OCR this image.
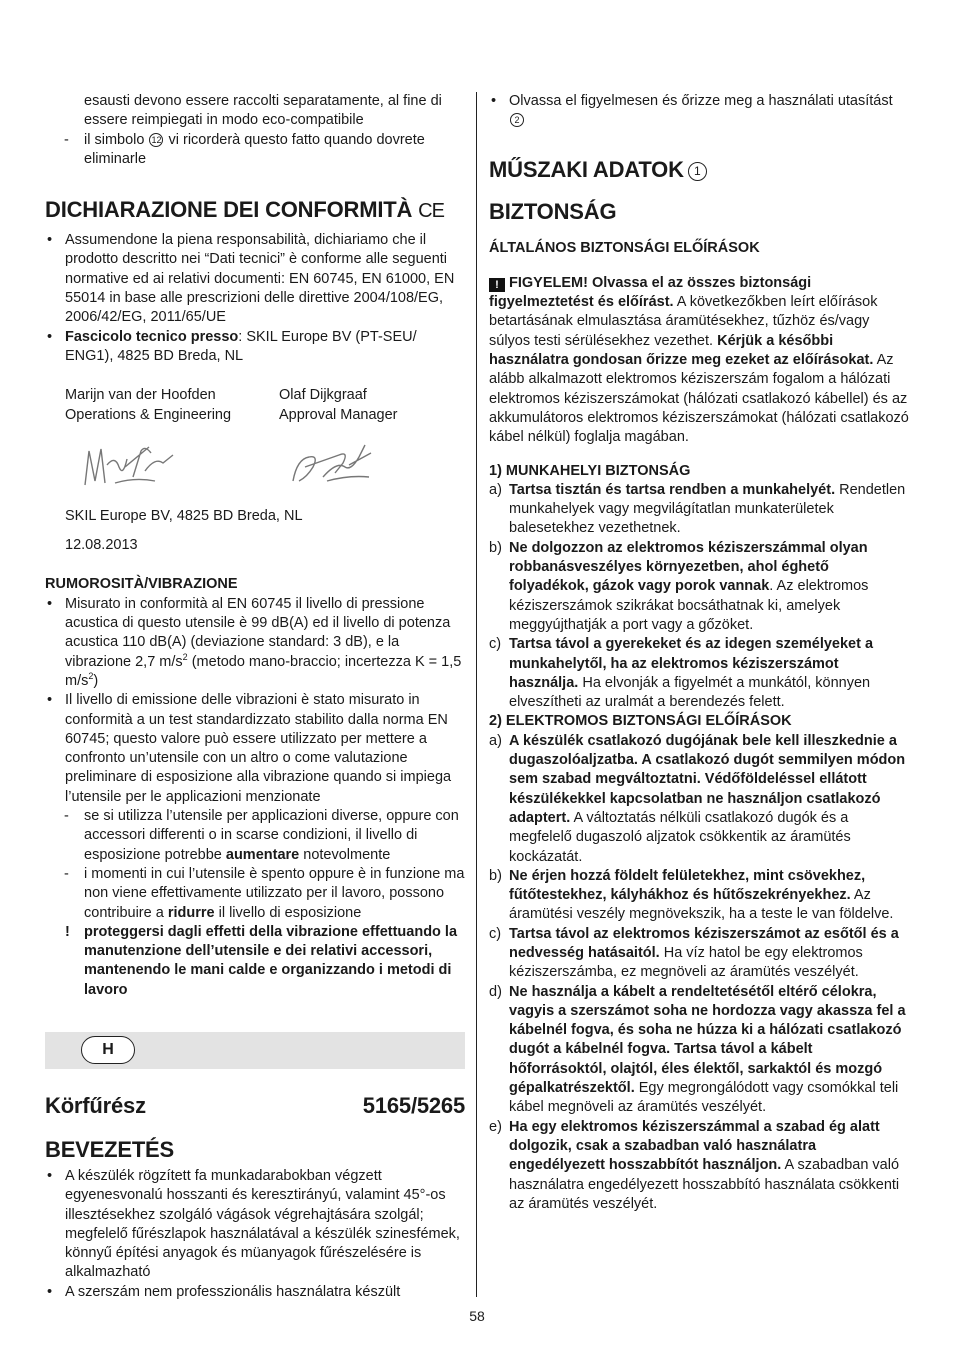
esausti devono essere raccolti separatamente, al fine di essere reimpiegati in modo eco-compatibile

- il simbolo 12 vi ricorderà questo fatto quando dovrete eliminarle

DICHIARAZIONE DEI CONFORMITÀ CE

• Assumendone la piena responsabilità, dichiariamo che il prodotto descritto nei “Dati tecnici” è conforme alle seguenti normative ed ai relativi documenti: EN 60745, EN 61000, EN 55014 in base alle prescrizioni delle direttive 2004/108/EG, 2006/42/EG, 2011/65/UE

• Fascicolo tecnico presso: SKIL Europe BV (PT-SEU/ ENG1), 4825 BD Breda, NL

Marijn van der Hoofden

Operations & Engineering

Olaf Dijkgraaf

Approval Manager

SKIL Europe BV, 4825 BD Breda, NL

12.08.2013

RUMOROSITÀ/VIBRAZIONE

• Misurato in conformità al EN 60745 il livello di pressione acustica di questo utensile è 99 dB(A) ed il livello di potenza acustica 110 dB(A) (deviazione standard: 3 dB), e la vibrazione 2,7 $m/s^2$ (metodo mano-braccio; incertezza K = 1,5 $m/s^2$)

• Il livello di emissione delle vibrazioni è stato misurato in conformità a un test standardizzato stabilito dalla norma EN 60745; questo valore può essere utilizzato per mettere a confronto un’utensile con un altro o come valutazione preliminare di esposizione alla vibrazione quando si impiega l’utensile per le applicazioni menzionate

- se si utilizza l’utensile per applicazioni diverse, oppure con accessori differenti o in scarse condizioni, il livello di esposizione potrebbe aumentare notevolmente

- i momenti in cui l’utensile è spento oppure è in funzione ma non viene effettivamente utilizzato per il lavoro, possono contribuire a ridurre il livello di esposizione

! proteggersi dagli effetti della vibrazione effettuando la manutenzione dell’utensile e dei relativi accessori, mantenendo le mani calde e organizzando i metodi di lavoro

H
Körfűrész	5165/5265
BEVEZETÉS

• A készülék rögzített fa munkadarabokban végzett egyenesvonalú hosszanti és keresztirányú, valamint 45°-os illesztésekhez szolgáló vágások végrehajtására szolgál; megfelelő fűrészlapok használatával a készülék szinesfémek, könnyű építési anyagok és müanyagok fűrészelésére is alkalmazható

• A szerszám nem professzionális használatra készült

• Olvassa el figyelmesen és őrizze meg a használati utasítást 2

MŰSZAKI ADATOK 1
BIZTONSÁG
ÁLTALÁNOS BIZTONSÁGI ELŐÍRÁSOK

! FIGYELEM! Olvassa el az összes biztonsági figyelmeztetést és előírást. A következőkben leírt előírások betartásának elmulasztása áramütésekhez, tűzhöz és/vagy súlyos testi sérülésekhez vezethet. Kérjük a későbbi használatra gondosan őrizze meg ezeket az előírásokat. Az alább alkalmazott elektromos kéziszerszám fogalom a hálózati elektromos kéziszerszámokat (hálózati csatlakozó kábellel) és az akkumulátoros elektromos kéziszerszámokat (hálózati csatlakozó kábel nélkül) foglalja magában.

1) MUNKAHELYI BIZTONSÁG

a) Tartsa tisztán és tartsa rendben a munkahelyét. Rendetlen munkahelyek vagy megvilágítatlan munkaterületek balesetekhez vezethetnek.

b) Ne dolgozzon az elektromos kéziszerszámmal olyan robbanásveszélyes környezetben, ahol éghető folyadékok, gázok vagy porok vannak. Az elektromos kéziszerszámok szikrákat bocsáthatnak ki, amelyek meggyújthatják a port vagy a gőzöket.

c) Tartsa távol a gyerekeket és az idegen személyeket a munkahelytől, ha az elektromos kéziszerszámot használja. Ha elvonják a figyelmét a munkától, könnyen elveszítheti az uralmát a berendezés felett.

2) ELEKTROMOS BIZTONSÁGI ELŐÍRÁSOK

a) A készülék csatlakozó dugójának bele kell illeszkednie a dugaszolóaljzatba. A csatlakozó dugót semmilyen módon sem szabad megváltoztatni. Védőföldeléssel ellátott készülékekkel kapcsolatban ne használjon csatlakozó adaptert. A változtatás nélküli csatlakozó dugók és a megfelelő dugaszoló aljzatok csökkentik az áramütés kockázatát.

b) Ne érjen hozzá földelt felületekhez, mint csövekhez, fűtőtestekhez, kályhákhoz és hűtőszekrényekhez. Az áramütési veszély megnövekszik, ha a teste le van földelve.

c) Tartsa távol az elektromos kéziszerszámot az esőtől és a nedvesség hatásaitól. Ha víz hatol be egy elektromos kéziszerszámba, ez megnöveli az áramütés veszélyét.

d) Ne használja a kábelt a rendeltetésétől eltérő célokra, vagyis a szerszámot soha ne hordozza vagy akassza fel a kábelnél fogva, és soha ne húzza ki a hálózati csatlakozó dugót a kábelnél fogva. Tartsa távol a kábelt hőforrásoktól, olajtól, éles élektől, sarkaktól és mozgó gépalkatrészektől. Egy megrongálódott vagy csomókkal teli kábel megnöveli az áramütés veszélyét.

e) Ha egy elektromos kéziszerszámmal a szabad ég alatt dolgozik, csak a szabadban való használatra engedélyezett hosszabbítót használjon. A szabadban való használatra engedélyezett hosszabbító használata csökkenti az áramütés veszélyét.

58
